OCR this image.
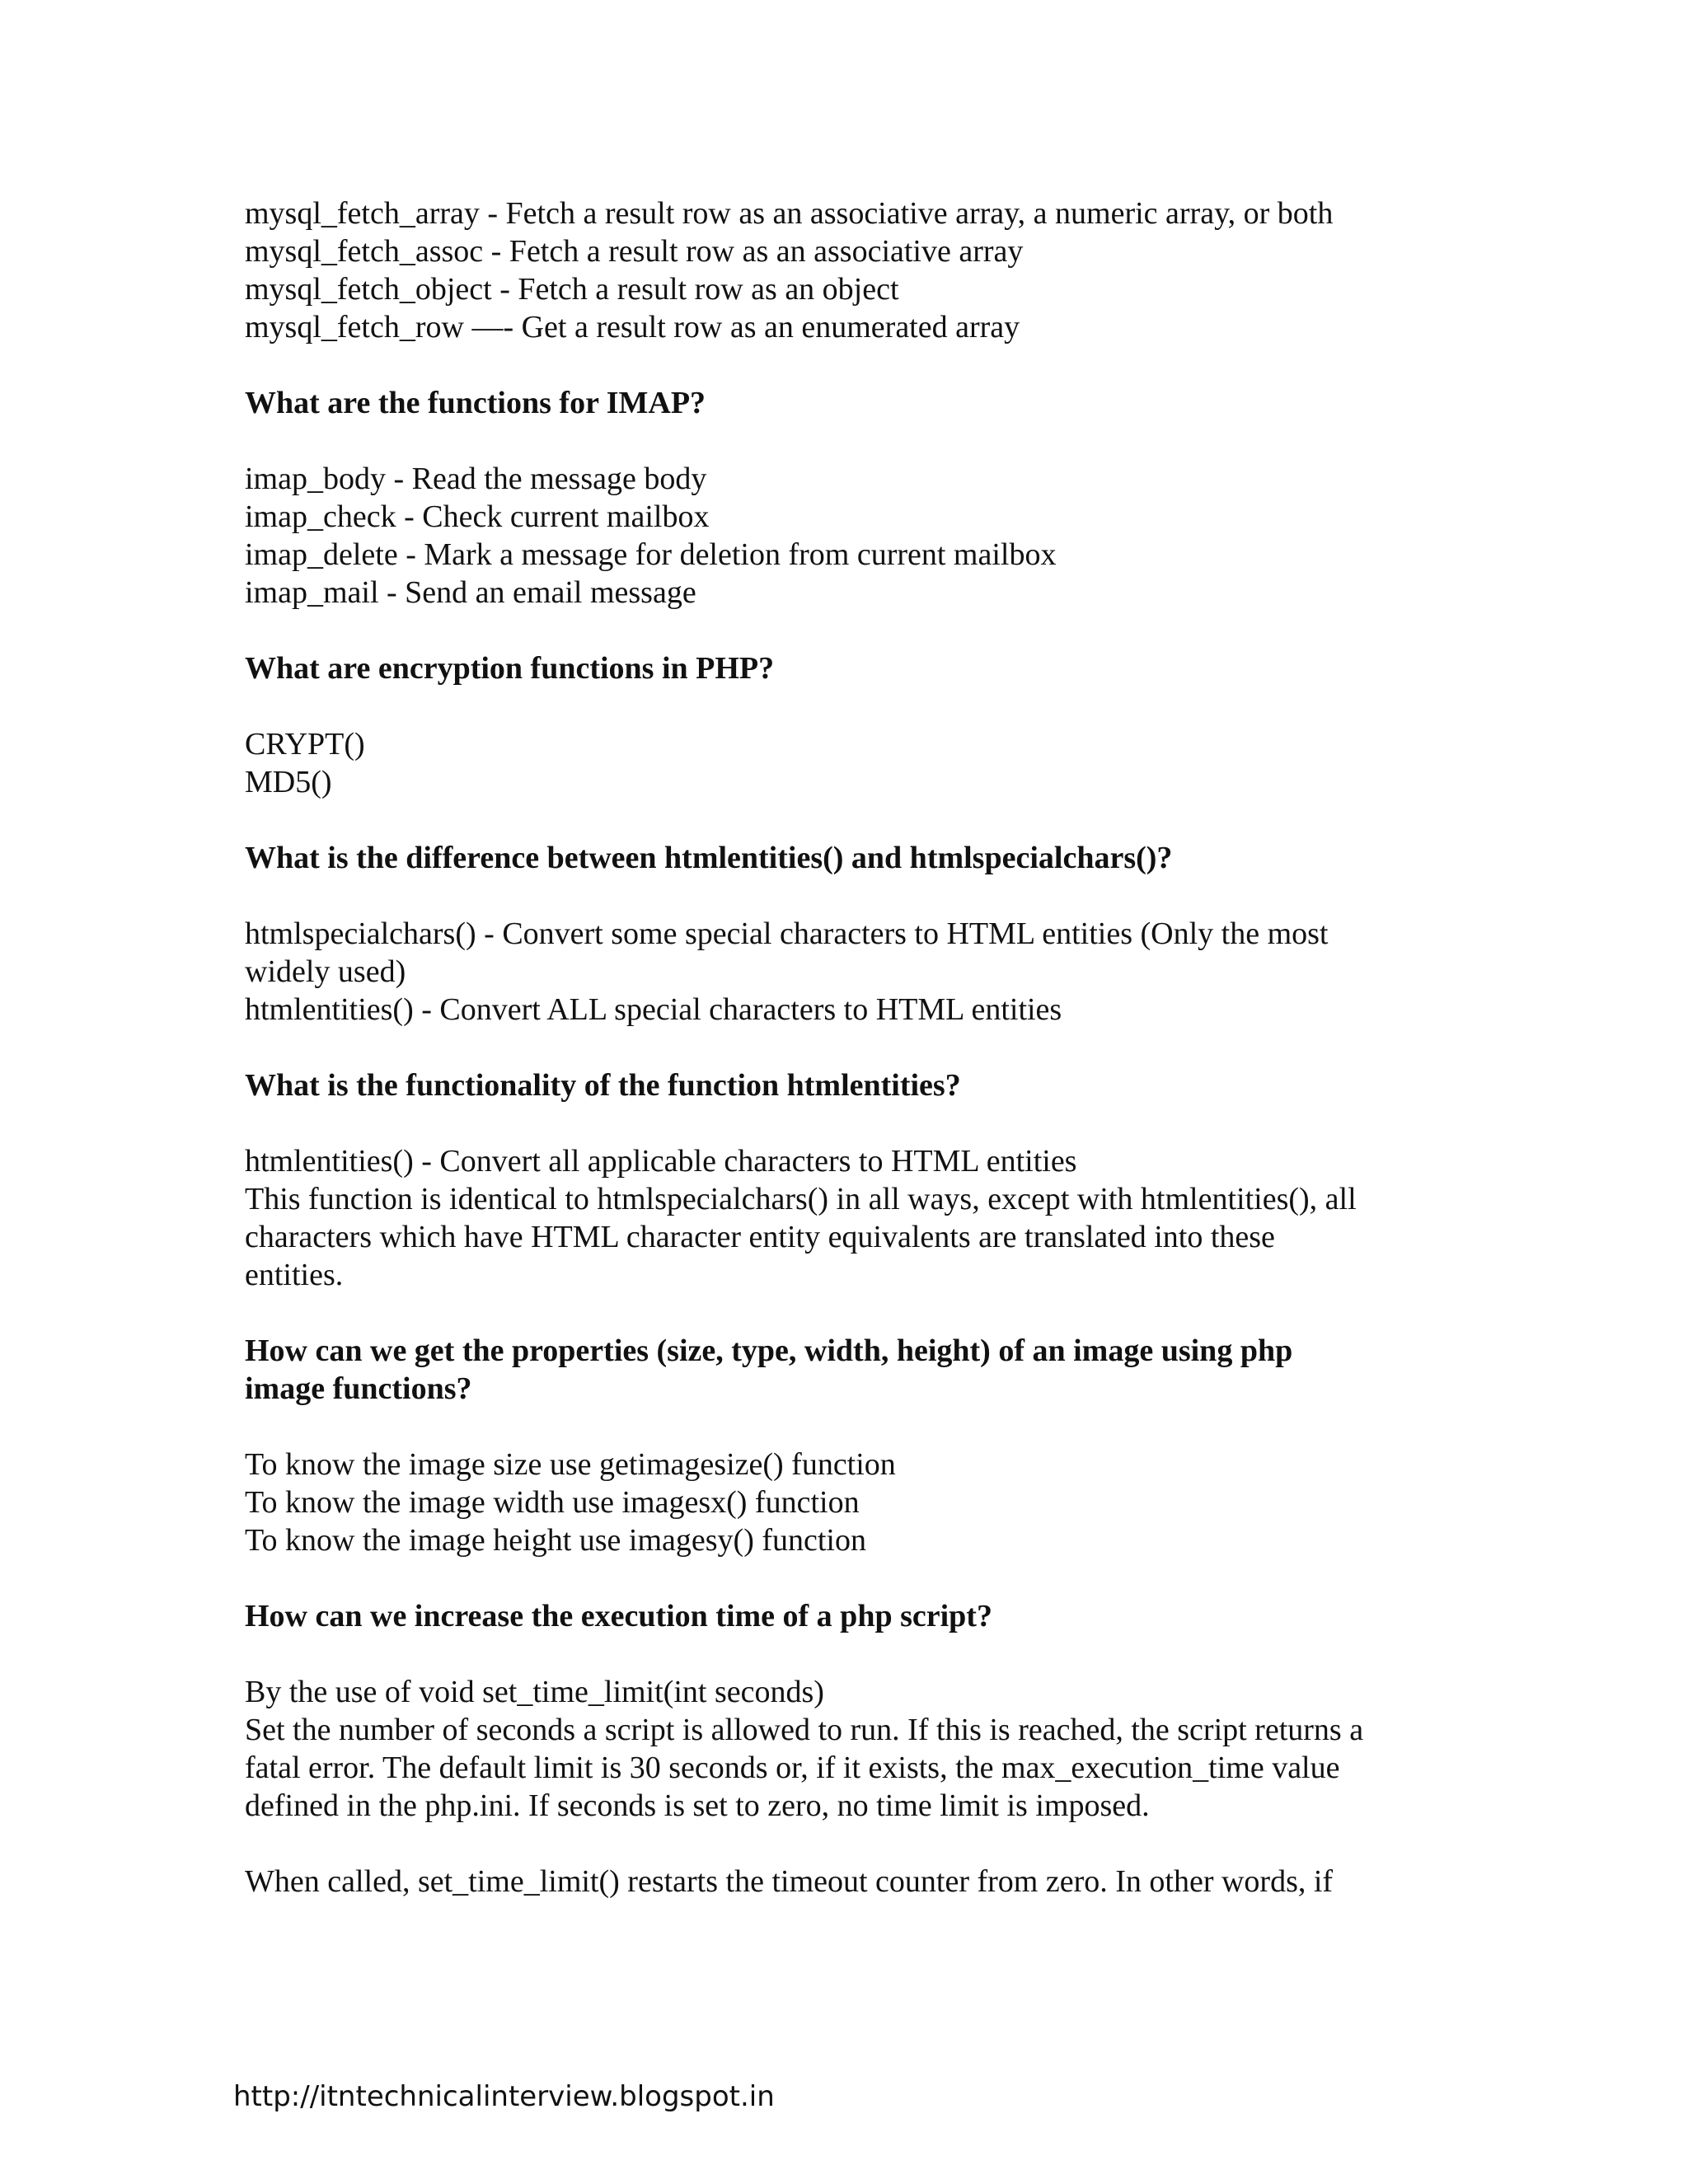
mysql_fetch_array - Fetch a result row as an associative array, a numeric array, or both
mysql_fetch_assoc - Fetch a result row as an associative array
mysql_fetch_object - Fetch a result row as an object
mysql_fetch_row —- Get a result row as an enumerated array
What are the functions for IMAP?
imap_body - Read the message body
imap_check - Check current mailbox
imap_delete - Mark a message for deletion from current mailbox
imap_mail - Send an email message
What are encryption functions in PHP?
CRYPT()
MD5()
What is the difference between htmlentities() and htmlspecialchars()?
htmlspecialchars() - Convert some special characters to HTML entities (Only the most
widely used)
htmlentities() - Convert ALL special characters to HTML entities
What is the functionality of the function htmlentities?
htmlentities() - Convert all applicable characters to HTML entities
This function is identical to htmlspecialchars() in all ways, except with htmlentities(), all
characters which have HTML character entity equivalents are translated into these
entities.
How can we get the properties (size, type, width, height) of an image using php
image functions?
To know the image size use getimagesize() function
To know the image width use imagesx() function
To know the image height use imagesy() function
How can we increase the execution time of a php script?
By the use of void set_time_limit(int seconds)
Set the number of seconds a script is allowed to run. If this is reached, the script returns a
fatal error. The default limit is 30 seconds or, if it exists, the max_execution_time value
defined in the php.ini. If seconds is set to zero, no time limit is imposed.
When called, set_time_limit() restarts the timeout counter from zero. In other words, if
http://itntechnicalinterview.blogspot.in
